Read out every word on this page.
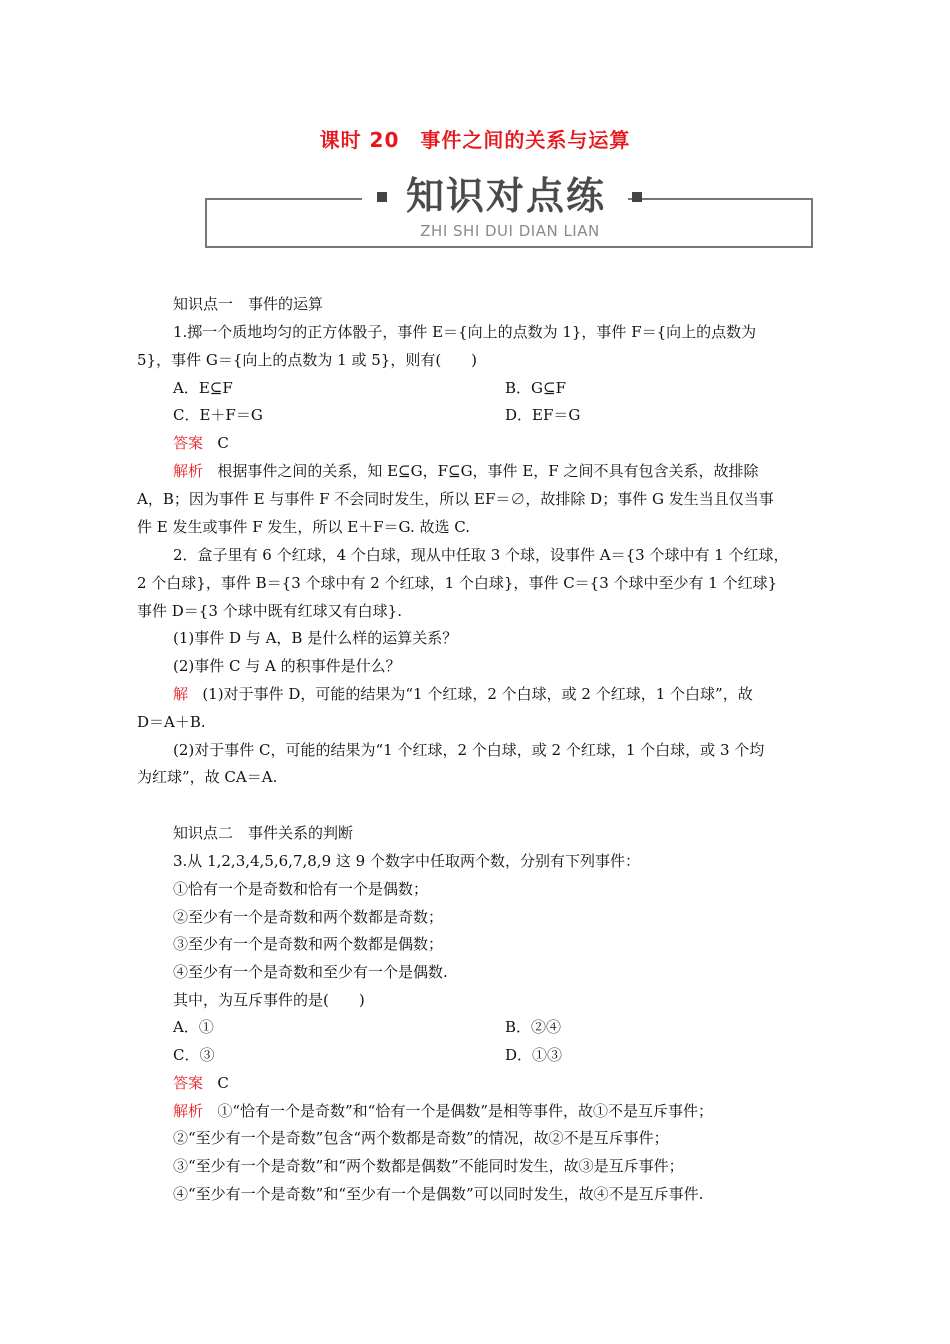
课时 20　事件之间的关系与运算
知识对点练
ZHI SHI DUI DIAN LIAN
知识点一　事件的运算
1.掷一个质地均匀的正方体骰子，事件 E＝{向上的点数为 1}，事件 F＝{向上的点数为
5}，事件 G＝{向上的点数为 1 或 5}，则有(　　)
A．E⊆F	B．G⊆F
C．E＋F＝G	D．EF＝G
答案 C
解析 根据事件之间的关系，知 E⊆G，F⊆G，事件 E，F 之间不具有包含关系，故排除
A，B；因为事件 E 与事件 F 不会同时发生，所以 EF＝∅，故排除 D；事件 G 发生当且仅当事
件 E 发生或事件 F 发生，所以 E＋F＝G. 故选 C.
2．盒子里有 6 个红球，4 个白球，现从中任取 3 个球，设事件 A＝{3 个球中有 1 个红球，
2 个白球}，事件 B＝{3 个球中有 2 个红球，1 个白球}，事件 C＝{3 个球中至少有 1 个红球}
事件 D＝{3 个球中既有红球又有白球}.
(1)事件 D 与 A，B 是什么样的运算关系？
(2)事件 C 与 A 的积事件是什么？
解 (1)对于事件 D，可能的结果为“1 个红球，2 个白球，或 2 个红球，1 个白球”，故
D＝A＋B.
(2)对于事件 C，可能的结果为“1 个红球，2 个白球，或 2 个红球，1 个白球，或 3 个均
为红球”，故 CA＝A.
知识点二　事件关系的判断
3.从 1,2,3,4,5,6,7,8,9 这 9 个数字中任取两个数，分别有下列事件：
①恰有一个是奇数和恰有一个是偶数；
②至少有一个是奇数和两个数都是奇数；
③至少有一个是奇数和两个数都是偶数；
④至少有一个是奇数和至少有一个是偶数.
其中，为互斥事件的是(　　)
A．①	B．②④
C．③	D．①③
答案 C
解析 ①“恰有一个是奇数”和“恰有一个是偶数”是相等事件，故①不是互斥事件；
②“至少有一个是奇数”包含“两个数都是奇数”的情况，故②不是互斥事件；
③“至少有一个是奇数”和“两个数都是偶数”不能同时发生，故③是互斥事件；
④“至少有一个是奇数”和“至少有一个是偶数”可以同时发生，故④不是互斥事件.
